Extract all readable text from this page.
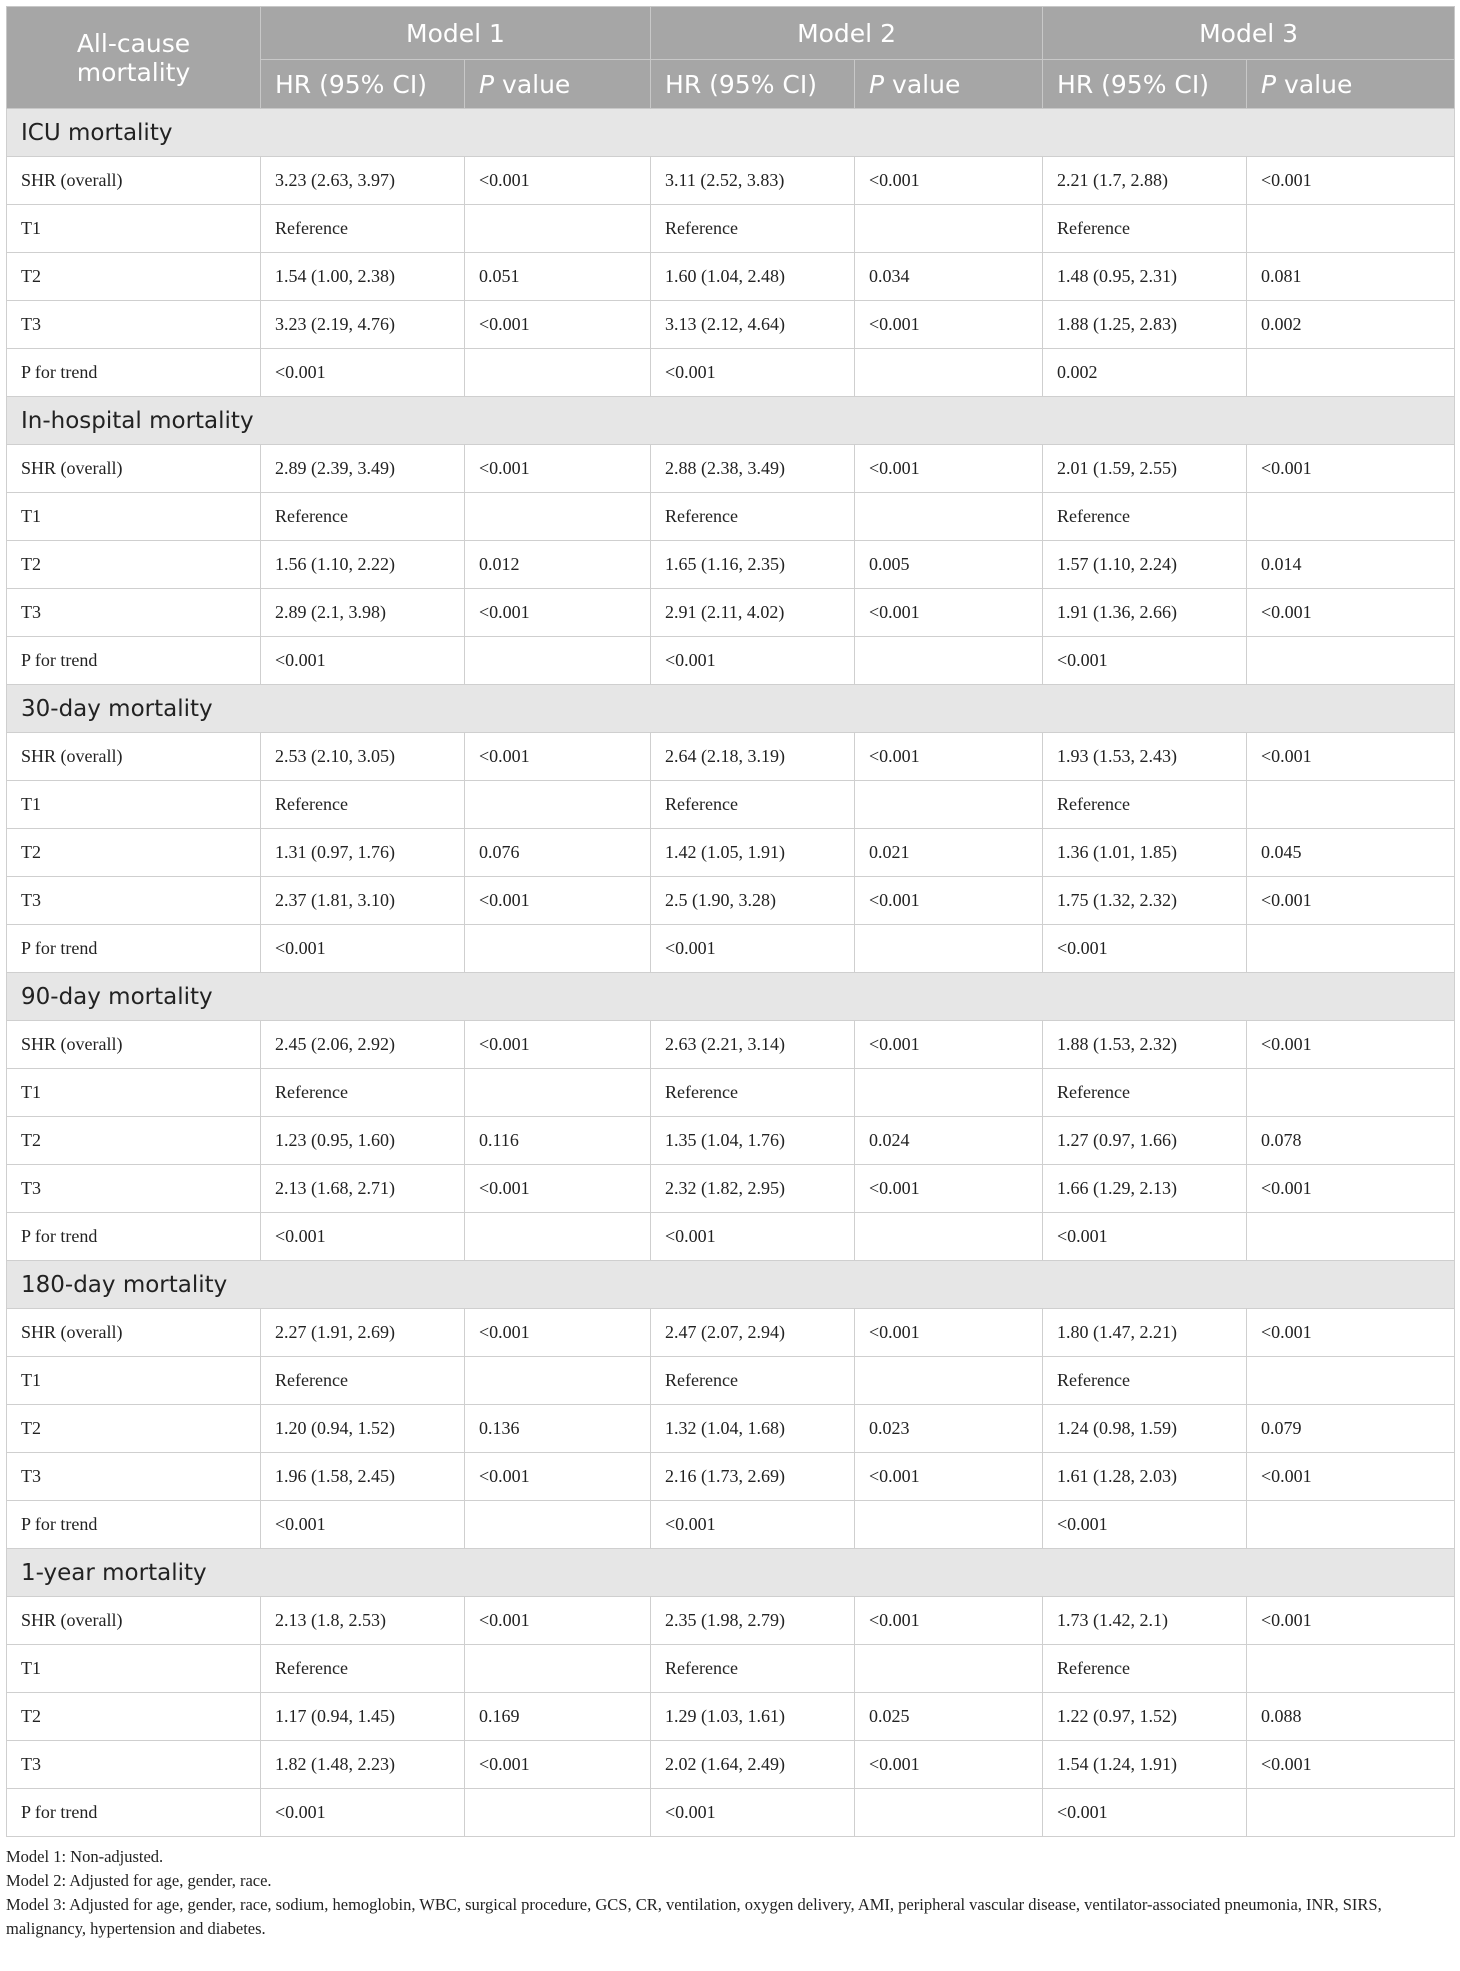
All-cause mortality	Model 1		Model 2		Model 3	
	HR (95% CI)	P value	HR (95% CI)	P value	HR (95% CI)	P value
ICU mortality						
SHR (overall)	3.23 (2.63, 3.97)	<0.001	3.11 (2.52, 3.83)	<0.001	2.21 (1.7, 2.88)	<0.001
T1	Reference		Reference		Reference	
T2	1.54 (1.00, 2.38)	0.051	1.60 (1.04, 2.48)	0.034	1.48 (0.95, 2.31)	0.081
T3	3.23 (2.19, 4.76)	<0.001	3.13 (2.12, 4.64)	<0.001	1.88 (1.25, 2.83)	0.002
P for trend	<0.001		<0.001		0.002	
In-hospital mortality						
SHR (overall)	2.89 (2.39, 3.49)	<0.001	2.88 (2.38, 3.49)	<0.001	2.01 (1.59, 2.55)	<0.001
T1	Reference		Reference		Reference	
T2	1.56 (1.10, 2.22)	0.012	1.65 (1.16, 2.35)	0.005	1.57 (1.10, 2.24)	0.014
T3	2.89 (2.1, 3.98)	<0.001	2.91 (2.11, 4.02)	<0.001	1.91 (1.36, 2.66)	<0.001
P for trend	<0.001		<0.001		<0.001	
30-day mortality						
SHR (overall)	2.53 (2.10, 3.05)	<0.001	2.64 (2.18, 3.19)	<0.001	1.93 (1.53, 2.43)	<0.001
T1	Reference		Reference		Reference	
T2	1.31 (0.97, 1.76)	0.076	1.42 (1.05, 1.91)	0.021	1.36 (1.01, 1.85)	0.045
T3	2.37 (1.81, 3.10)	<0.001	2.5 (1.90, 3.28)	<0.001	1.75 (1.32, 2.32)	<0.001
P for trend	<0.001		<0.001		<0.001	
90-day mortality						
SHR (overall)	2.45 (2.06, 2.92)	<0.001	2.63 (2.21, 3.14)	<0.001	1.88 (1.53, 2.32)	<0.001
T1	Reference		Reference		Reference	
T2	1.23 (0.95, 1.60)	0.116	1.35 (1.04, 1.76)	0.024	1.27 (0.97, 1.66)	0.078
T3	2.13 (1.68, 2.71)	<0.001	2.32 (1.82, 2.95)	<0.001	1.66 (1.29, 2.13)	<0.001
P for trend	<0.001		<0.001		<0.001	
180-day mortality						
SHR (overall)	2.27 (1.91, 2.69)	<0.001	2.47 (2.07, 2.94)	<0.001	1.80 (1.47, 2.21)	<0.001
T1	Reference		Reference		Reference	
T2	1.20 (0.94, 1.52)	0.136	1.32 (1.04, 1.68)	0.023	1.24 (0.98, 1.59)	0.079
T3	1.96 (1.58, 2.45)	<0.001	2.16 (1.73, 2.69)	<0.001	1.61 (1.28, 2.03)	<0.001
P for trend	<0.001		<0.001		<0.001	
1-year mortality						
SHR (overall)	2.13 (1.8, 2.53)	<0.001	2.35 (1.98, 2.79)	<0.001	1.73 (1.42, 2.1)	<0.001
T1	Reference		Reference		Reference	
T2	1.17 (0.94, 1.45)	0.169	1.29 (1.03, 1.61)	0.025	1.22 (0.97, 1.52)	0.088
T3	1.82 (1.48, 2.23)	<0.001	2.02 (1.64, 2.49)	<0.001	1.54 (1.24, 1.91)	<0.001
P for trend	<0.001		<0.001		<0.001	
Model 1: Non-adjusted.
Model 2: Adjusted for age, gender, race.
Model 3: Adjusted for age, gender, race, sodium, hemoglobin, WBC, surgical procedure, GCS, CR, ventilation, oxygen delivery, AMI, peripheral vascular disease, ventilator-associated pneumonia, INR, SIRS, malignancy, hypertension and diabetes.
